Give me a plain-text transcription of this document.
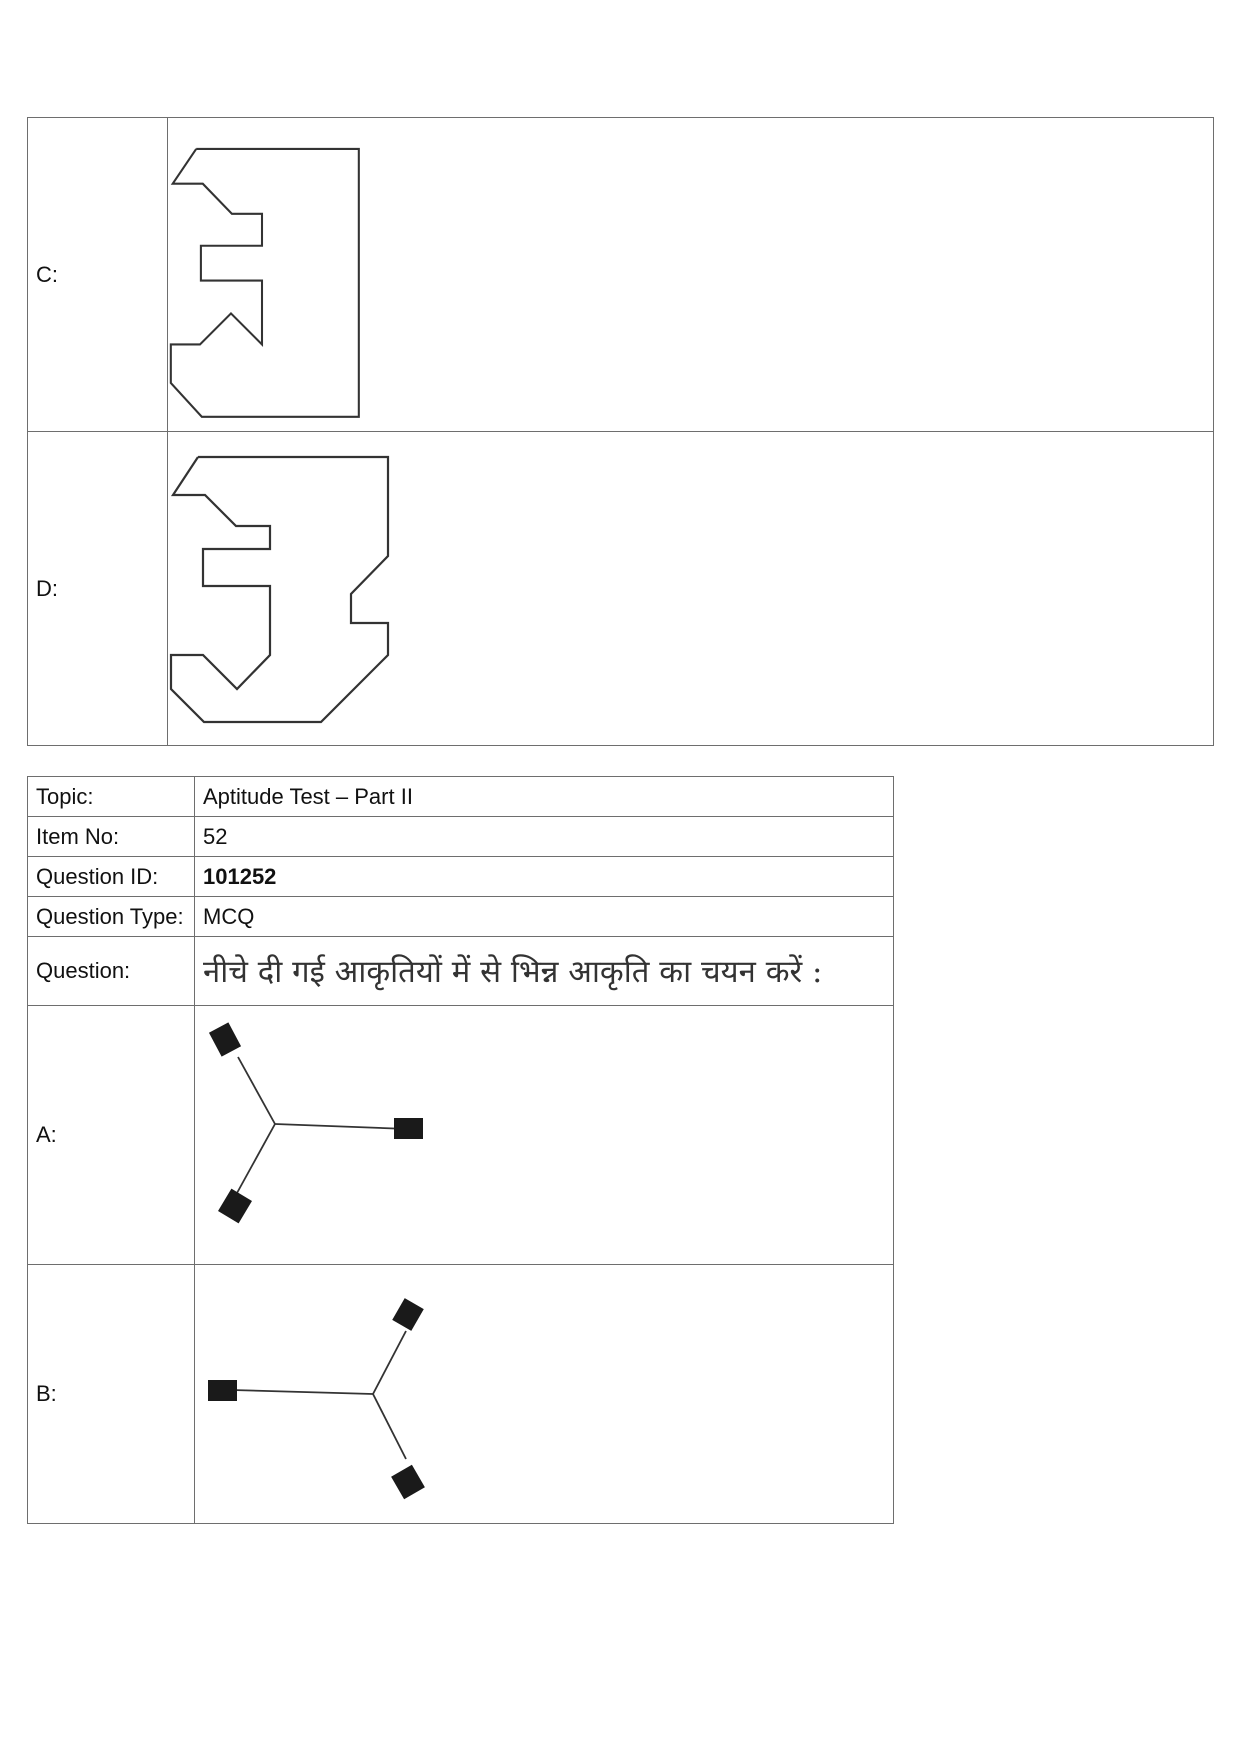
C:	

D:	
Topic:	Aptitude Test – Part II
Item No:	52
Question ID:	101252
Question Type:	MCQ
Question:	नीचे दी गई आकृतियों में से भिन्न आकृति का चयन करें :
A:	

B:	
